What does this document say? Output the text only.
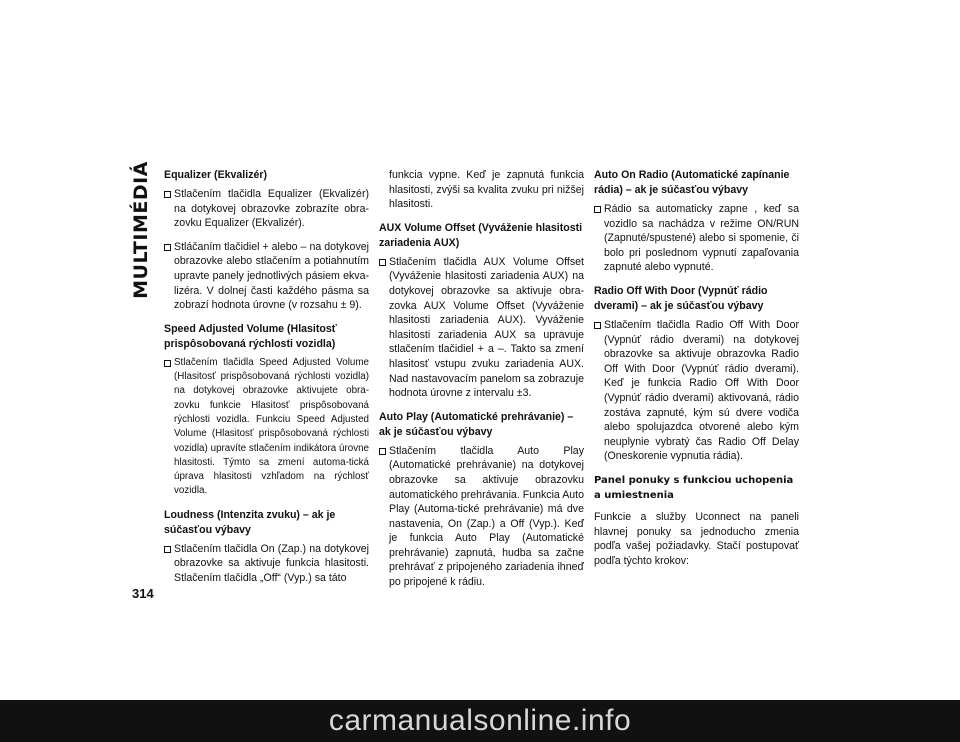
MULTIMÉDIÁ
314
Equalizer (Ekvalizér)
Stlačením tlačidla Equalizer (Ekvalizér) na dotykovej obrazovke zobrazíte obra-zovku Equalizer (Ekvalizér).
Stláčaním tlačidiel + alebo – na dotykovej obrazovke alebo stlačením a potiahnutím upravte panely jednotlivých pásiem ekva-lizéra. V dolnej časti každého pásma sa zobrazí hodnota úrovne (v rozsahu ± 9).
Speed Adjusted Volume (Hlasitosť prispôsobovaná rýchlosti vozidla)
Stlačením tlačidla Speed Adjusted Volume (Hlasitosť prispôsobovaná rýchlosti vozidla) na dotykovej obrazovke aktivujete obra-zovku funkcie Hlasitosť prispôsobovaná rýchlosti vozidla. Funkciu Speed Adjusted Volume (Hlasitosť prispôsobovaná rýchlosti vozidla) upravíte stlačením indikátora úrovne hlasitosti. Týmto sa zmení automa-tická úprava hlasitosti vzhľadom na rýchlosť vozidla.
Loudness (Intenzita zvuku) – ak je súčasťou výbavy
Stlačením tlačidla On (Zap.) na dotykovej obrazovke sa aktivuje funkcia hlasitosti. Stlačením tlačidla „Off“ (Vyp.) sa táto
funkcia vypne. Keď je zapnutá funkcia hlasitosti, zvýši sa kvalita zvuku pri nižšej hlasitosti.
AUX Volume Offset (Vyváženie hlasitosti zariadenia AUX)
Stlačením tlačidla AUX Volume Offset (Vyváženie hlasitosti zariadenia AUX) na dotykovej obrazovke sa aktivuje obra-zovka AUX Volume Offset (Vyváženie hlasitosti zariadenia AUX). Vyváženie hlasitosti zariadenia AUX sa upravuje stlačením tlačidiel + a –. Takto sa zmení hlasitosť vstupu zvuku zariadenia AUX. Nad nastavovacím panelom sa zobrazuje hodnota úrovne z intervalu ±3.
Auto Play (Automatické prehrávanie) – ak je súčasťou výbavy
Stlačením tlačidla Auto Play (Automatické prehrávanie) na dotykovej obrazovke sa aktivuje obrazovku automatického prehrávania. Funkcia Auto Play (Automa-tické prehrávanie) má dve nastavenia, On (Zap.) a Off (Vyp.). Keď je funkcia Auto Play (Automatické prehrávanie) zapnutá, hudba sa začne prehrávať z pripojeného zariadenia ihneď po pripojené k rádiu.
Auto On Radio (Automatické zapínanie rádia) – ak je súčasťou výbavy
Rádio sa automaticky zapne , keď sa vozidlo sa nachádza v režime ON/RUN (Zapnuté/spustené) alebo si spomenie, či bolo pri poslednom vypnutí zapaľovania zapnuté alebo vypnuté.
Radio Off With Door (Vypnúť rádio dverami) – ak je súčasťou výbavy
Stlačením tlačidla Radio Off With Door (Vypnúť rádio dverami) na dotykovej obrazovke sa aktivuje obrazovka Radio Off With Door (Vypnúť rádio dverami). Keď je funkcia Radio Off With Door (Vypnúť rádio dverami) aktivovaná, rádio zostáva zapnuté, kým sú dvere vodiča alebo spolujazdca otvorené alebo kým neuplynie vybratý čas Radio Off Delay (Oneskorenie vypnutia rádia).
Panel ponuky s funkciou uchopenia
a umiestnenia
Funkcie a služby Uconnect na paneli hlavnej ponuky sa jednoducho zmenia podľa vašej požiadavky. Stačí postupovať podľa týchto krokov:
carmanualsonline.info
